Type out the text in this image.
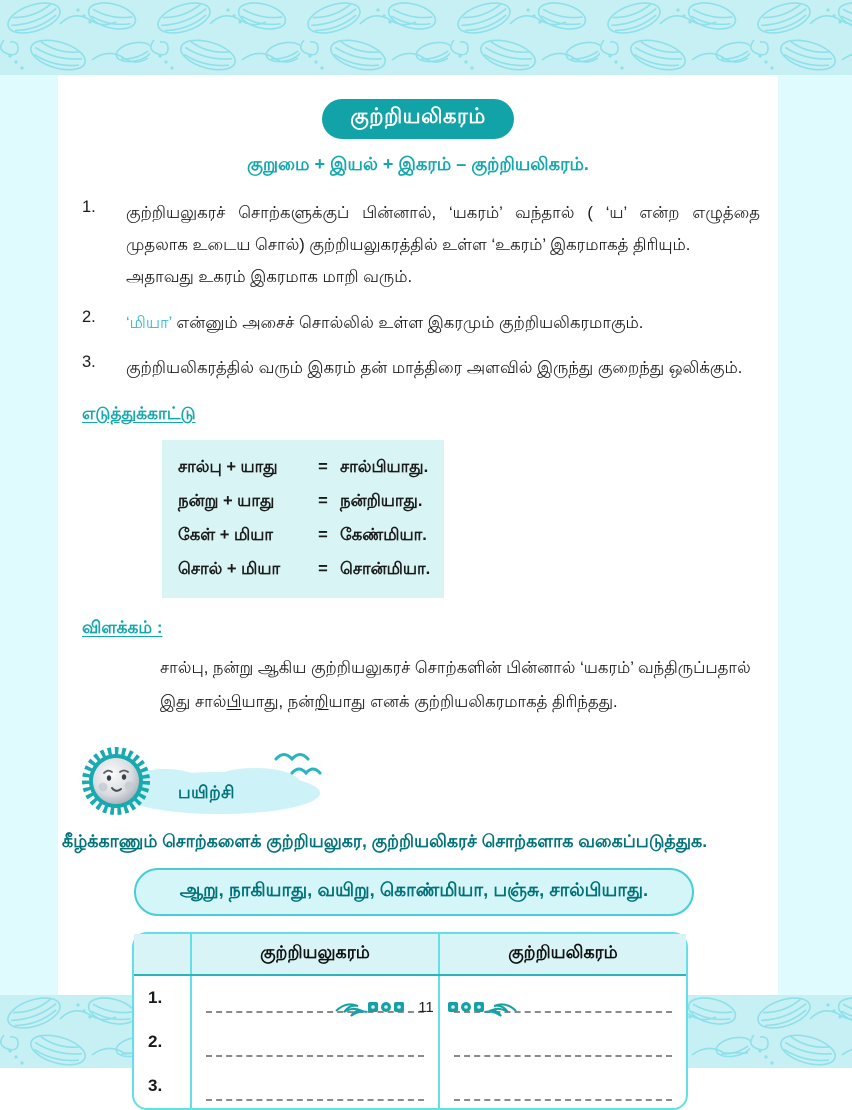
குற்றியலிகரம்
குறுமை + இயல் + இகரம் – குற்றியலிகரம்.
1.	குற்றியலுகரச் சொற்களுக்குப் பின்னால், ‘யகரம்’ வந்தால் ( ‘ய’ என்ற எழுத்தை முதலாக உடைய சொல்) குற்றியலுகரத்தில் உள்ள ‘உகரம்’ இகரமாகத் திரியும்.
அதாவது உகரம் இகரமாக மாறி வரும்.
2.	‘மியா’ என்னும் அசைச் சொல்லில் உள்ள இகரமும் குற்றியலிகரமாகும்.
3.	குற்றியலிகரத்தில் வரும் இகரம் தன் மாத்திரை அளவில் இருந்து குறைந்து ஒலிக்கும்.
எடுத்துக்காட்டு
சால்பு + யாது	= சால்பியாது.
நன்று + யாது	= நன்றியாது.
கேள் + மியா	= கேண்மியா.
சொல் + மியா	= சொன்மியா.
விளக்கம் :
சால்பு, நன்று ஆகிய குற்றியலுகரச் சொற்களின் பின்னால் ‘யகரம்’ வந்திருப்பதால்
இது சால்பியாது, நன்றியாது எனக் குற்றியலிகரமாகத் திரிந்தது.
பயிற்சி
கீழ்க்காணும் சொற்களைக் குற்றியலுகர, குற்றியலிகரச் சொற்களாக வகைப்படுத்துக.
ஆறு, நாகியாது, வயிறு, கொண்மியா, பஞ்சு, சால்பியாது.
குற்றியலுகரம்	குற்றியலிகரம்
1.
2.
3.
11
